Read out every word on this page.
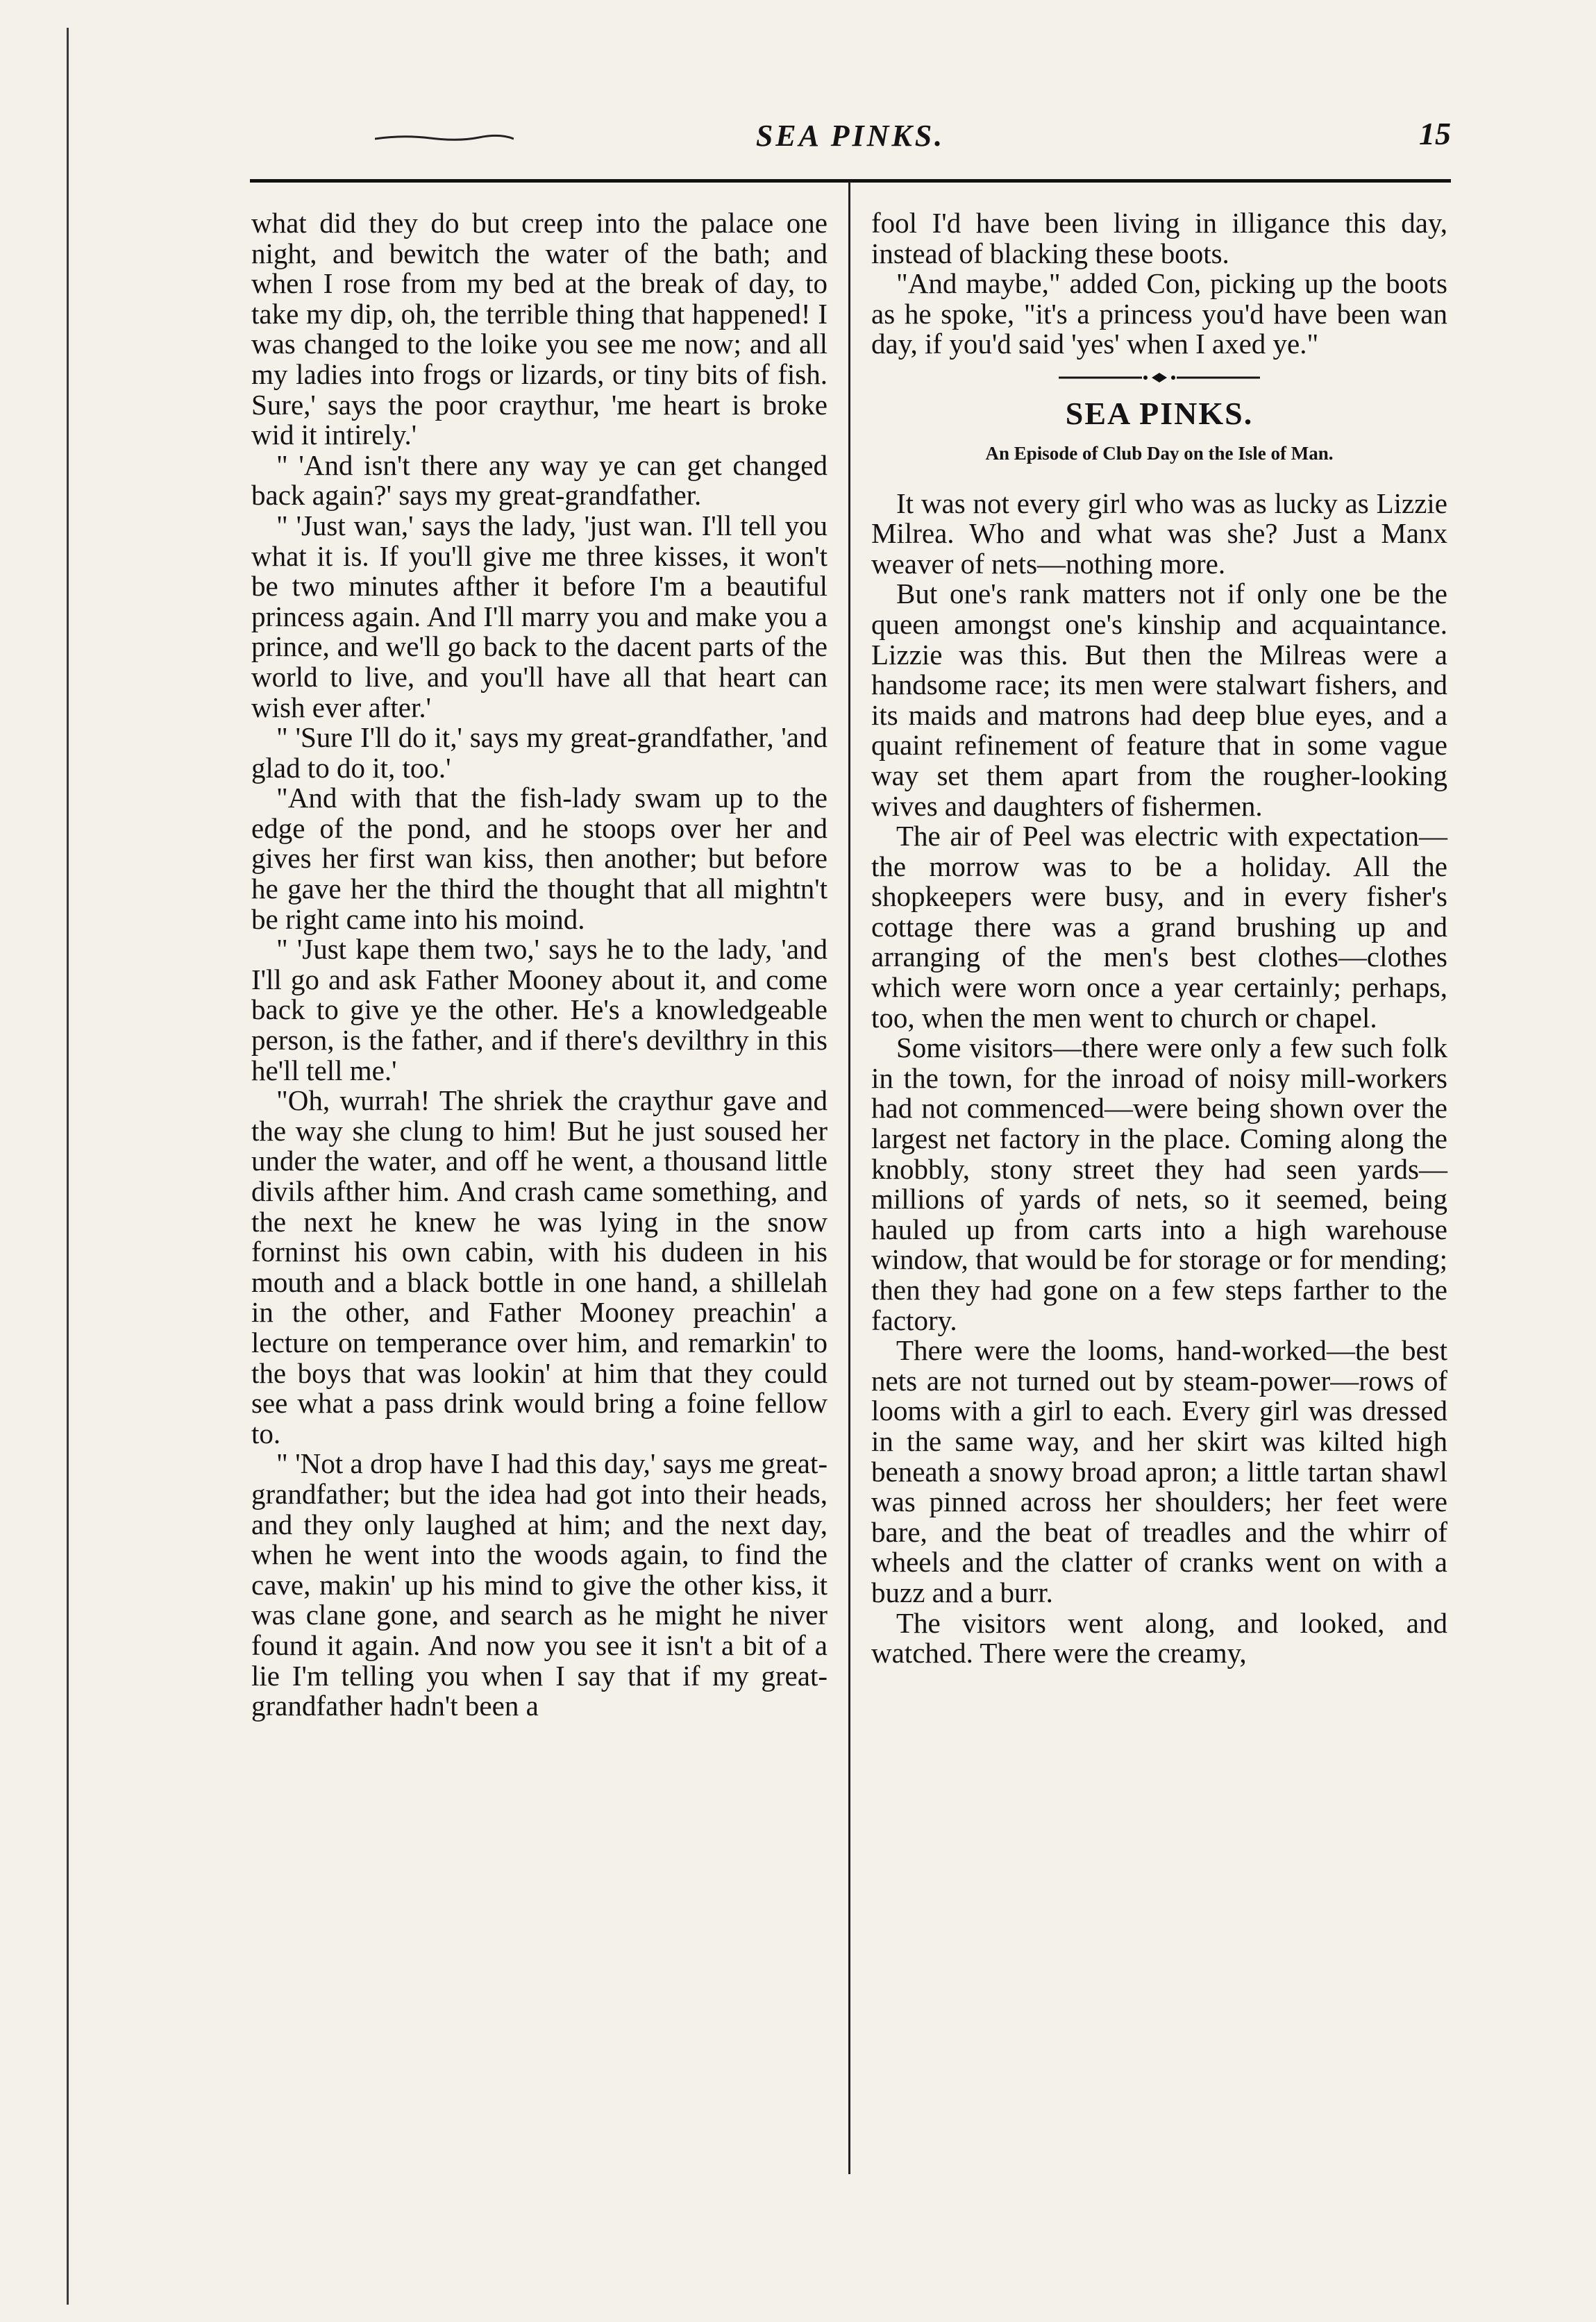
SEA PINKS.	15

what did they do but creep into the palace one night, and bewitch the water of the bath; and when I rose from my bed at the break of day, to take my dip, oh, the terrible thing that happened! I was changed to the loike you see me now; and all my ladies into frogs or lizards, or tiny bits of fish. Sure,' says the poor craythur, 'me heart is broke wid it intirely.'

" 'And isn't there any way ye can get changed back again?' says my great-grandfather.

" 'Just wan,' says the lady, 'just wan. I'll tell you what it is. If you'll give me three kisses, it won't be two minutes afther it before I'm a beautiful princess again. And I'll marry you and make you a prince, and we'll go back to the dacent parts of the world to live, and you'll have all that heart can wish ever after.'

" 'Sure I'll do it,' says my great-grandfather, 'and glad to do it, too.'

"And with that the fish-lady swam up to the edge of the pond, and he stoops over her and gives her first wan kiss, then another; but before he gave her the third the thought that all mightn't be right came into his moind.

" 'Just kape them two,' says he to the lady, 'and I'll go and ask Father Mooney about it, and come back to give ye the other. He's a knowledgeable person, is the father, and if there's devilthry in this he'll tell me.'

"Oh, wurrah! The shriek the craythur gave and the way she clung to him! But he just soused her under the water, and off he went, a thousand little divils afther him. And crash came something, and the next he knew he was lying in the snow forninst his own cabin, with his dudeen in his mouth and a black bottle in one hand, a shillelah in the other, and Father Mooney preachin' a lecture on temperance over him, and remarkin' to the boys that was lookin' at him that they could see what a pass drink would bring a foine fellow to.

" 'Not a drop have I had this day,' says me great-grandfather; but the idea had got into their heads, and they only laughed at him; and the next day, when he went into the woods again, to find the cave, makin' up his mind to give the other kiss, it was clane gone, and search as he might he niver found it again. And now you see it isn't a bit of a lie I'm telling you when I say that if my great-grandfather hadn't been a

fool I'd have been living in illigance this day, instead of blacking these boots.

"And maybe," added Con, picking up the boots as he spoke, "it's a princess you'd have been wan day, if you'd said 'yes' when I axed ye."

SEA PINKS.
An Episode of Club Day on the Isle of Man.

It was not every girl who was as lucky as Lizzie Milrea. Who and what was she? Just a Manx weaver of nets—nothing more.

But one's rank matters not if only one be the queen amongst one's kinship and acquaintance. Lizzie was this. But then the Milreas were a handsome race; its men were stalwart fishers, and its maids and matrons had deep blue eyes, and a quaint refinement of feature that in some vague way set them apart from the rougher-looking wives and daughters of fishermen.

The air of Peel was electric with expectation—the morrow was to be a holiday. All the shopkeepers were busy, and in every fisher's cottage there was a grand brushing up and arranging of the men's best clothes—clothes which were worn once a year certainly; perhaps, too, when the men went to church or chapel.

Some visitors—there were only a few such folk in the town, for the inroad of noisy mill-workers had not commenced—were being shown over the largest net factory in the place. Coming along the knobbly, stony street they had seen yards—millions of yards of nets, so it seemed, being hauled up from carts into a high warehouse window, that would be for storage or for mending; then they had gone on a few steps farther to the factory.

There were the looms, hand-worked—the best nets are not turned out by steam-power—rows of looms with a girl to each. Every girl was dressed in the same way, and her skirt was kilted high beneath a snowy broad apron; a little tartan shawl was pinned across her shoulders; her feet were bare, and the beat of treadles and the whirr of wheels and the clatter of cranks went on with a buzz and a burr.

The visitors went along, and looked, and watched. There were the creamy,
